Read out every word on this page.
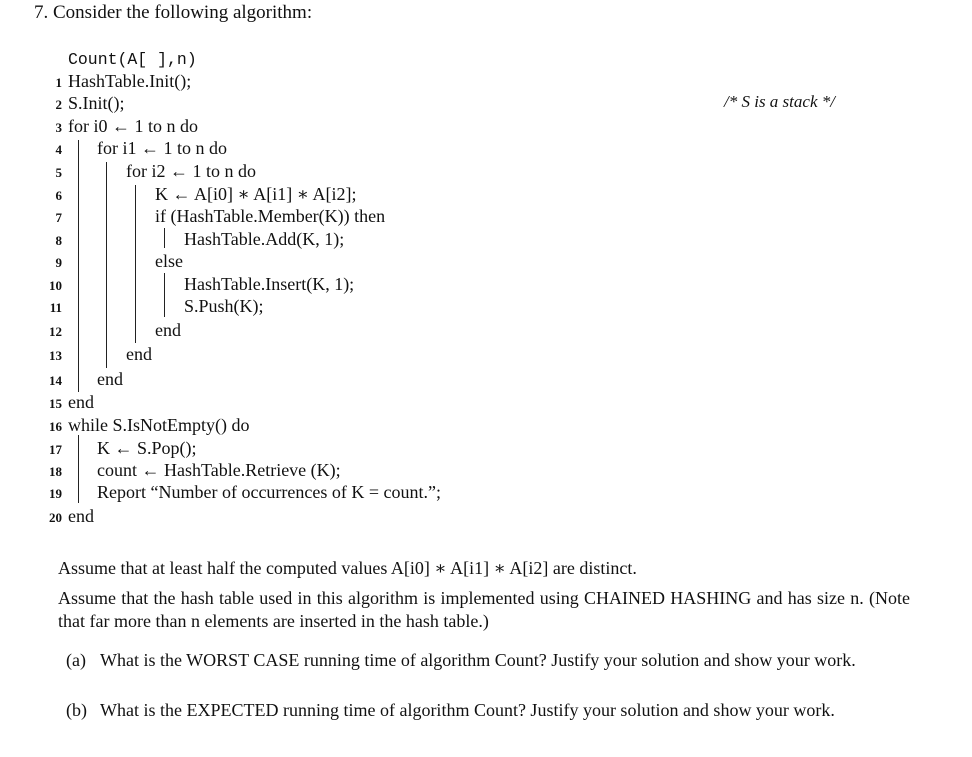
7. Consider the following algorithm:
Count(A[ ],n)
/* S is a stack */
1 HashTable.Init();
2 S.Init();
3 for i0 ← 1 to n do
4 for i1 ← 1 to n do
5	for i2 ← 1 to n do
6	K ← A[i0] ∗ A[i1] ∗ A[i2];
7	if (HashTable.Member(K)) then
8	HashTable.Add(K, 1);
9	else
10	HashTable.Insert(K, 1);
11	S.Push(K);
12	end
13	end
14 end
15 end
16 while S.IsNotEmpty() do
17 K ← S.Pop();
18 count ← HashTable.Retrieve (K);
19 Report “Number of occurrences of K = count.”;
20 end
Assume that at least half the computed values A[i0] ∗ A[i1] ∗ A[i2] are distinct.
Assume that the hash table used in this algorithm is implemented using CHAINED HASHING and has size n. (Note that far more than n elements are inserted in the hash table.)
(a) What is the WORST CASE running time of algorithm Count? Justify your solution and show your work.
(b) What is the EXPECTED running time of algorithm Count? Justify your solution and show your work.
